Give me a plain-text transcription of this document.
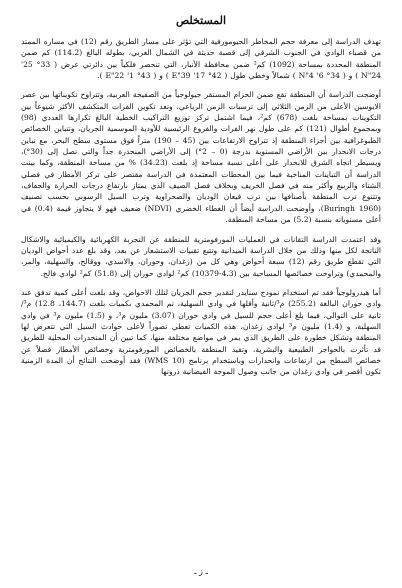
المستخلص

تهدف الدراسة إلى معرفة حجم المخاطر الجيومورفية التي تؤثر على مسار الطريق رقم (12) في مساره الممتد من قصباء الوادي في الجنوب الشرقي إلى قصبة حديثة في الشمال الغربي، بطوله البالغ (114.2) كم ضمن المنطقة المحددة بمساحة (1092) كم² ضمن محافظة الأنبار، التي تنحصر فلكياً بين دائرتي عرض ( 33° 25' 24"N ) و ( 34° 6' 4"N ) شمالاً وخطي طول ( 42° 17' 39"E ) و ( 43° 1' 22"E ).

أوضحت الدراسة أن المنطقة تقع ضمن الحزام المستقر جيولوجياً من الصفيحة العربية، وتتراوح تكويناتها بين عصر الايوسين الأعلى من الزمن الثلاثي إلى ترسبات الزمن الرباعي، وتعد تكوين الفرات المتكشف الأكثر شيوعاً بين التكوينات بمساحة بلغت (678) كم²، فيما اشتمل تركز توزيع التراكيب الخطية البالغ تكرارها العددي (98) وبمجموع أطوال (121) كم على طول نهر الفرات والفروع الرئيسية للأودية الموسمية الجريان، وتتباين الخصائص الطبوغرافية بين أجزاء المنطقة إذ تتراوح الارتفاعات بين (45 – 190) متراً فوق مستوى سطح البحر، مع تباين درجات الانحدار بين الأراضي المستوية بدرجة (0 – 2°) إلى الأراضي المنحدرة جداً والتي تصل إلى (30°)، ويسيطر اتجاه الشرق للانحدار على أعلى نسبة مساحة إذ بلغت (34.23) % من مساحة المنطقة، وكما بينت الدراسة أن التباينات المناخية فيما بين المحطات المعتمدة في الدراسة مقتصر على تركز الأمطار في فصلي الشتاء والربيع وأكثر منه في فصل الخريف وبخلاف فصل الصيف الذي يمتاز بارتفاع درجات الحرارة والجفاف، وتتنوع ترب المنطقة بأصنافها بين ترب قيعان الوديان والصحراوية وترب السيل الرسوبي بحسب تصنيف (Buringh 1960)، وأوضحت الدراسة أيضاً أن الغطاء الخضري (NDVI) ضعيف فهو لا يتجاوز قيمة (0.4) في أعلى مستوياته بنسبة (5.2) من مساحة المنطقة.

وقد اعتمدت الدراسة التقانات في العمليات المورفومترية للمنطقة عن التجربة الكهربائية والكيميائية والاشكال الناتجة لكل منها وذلك من خلال الدراسة الميدانية وتتبع تقنيات الاستشعار عن بعد، وقد بلغ عدد أحواض الوديان التي تقطع طريق رقم (12) سبعة أحواض وهي كل من (زغدان، وحوران، والاسدي، ووقالح، والسهلية، والمر، والمحمدي) وتراوحت خصائصها المساحية بين (4.3-10379) كم² لوادي حوران إلى (51.8) كم² لوادي فالح.

أما هيدرولوجياً فقد تم استخدام نموذج سنايدر لتقدير حجم الجريان لتلك الاحواض، وقد بلغت أعلى كمية تدفق عند وادي حوران البالغة (255.2) م³/ثانية وأقلها في وادي السهلية، تم المحمدي بكميات بلغت (144.7، 12.8) م³/ثانية على التوالي، فيما بلغ أعلى حجم للسيل في وادي حوران (3.07) مليون م³، و (1.5) مليون م³ في وادي السهلية، و (1.4) مليون م³ لوادي زغدان، هذه الكميات تعطي تصوراً لأعلى حوادث السيل التي تتعرض لها المنطقة وتشكل خطورة على الطريق الذي يمر في مواضع مختلفة منها، كما تبين أن المنحدرات المحلية للطريق قد تأثرت بالحواجز الطبيعية والبشرية، وتقيد المنطقة بالخصائص المورفومترية وخصائص الأمطار فضلاً عن خصائص السطح من ارتفاعات وانحدارات وباستخدام برنامج (WMS 10) فقد أوضحت النتائج أن المدة الزمنية تكون أقصر في وادي زغدان من جانب وصول الموجة الفيضانية ذروتها

ـ ز ـ
